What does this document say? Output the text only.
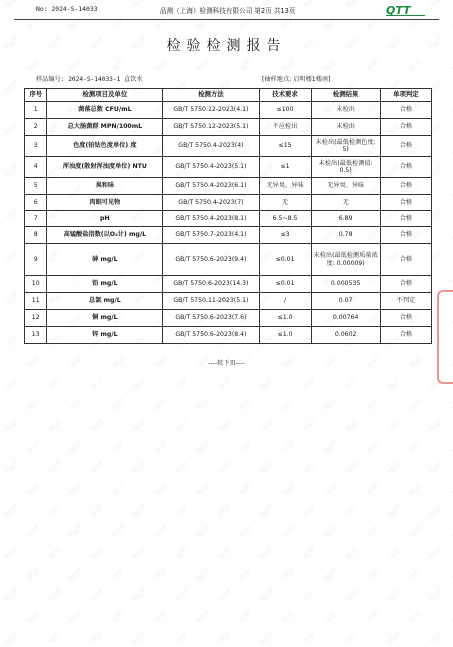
No: 2024-S-14033	品测（上海）检测科技有限公司 第2页 共13页	QTT
检验检测报告
样品编号: 2024-S-14033-1 直饮水	[抽样地点: 启明楼1楼南]
序号	检测项目及单位	检测方法	技术要求	检测结果	单项判定
1	菌落总数 CFU/mL	GB/T 5750.12-2023(4.1)	≤100	未检出	合格
2	总大肠菌群 MPN/100mL	GB/T 5750.12-2023(5.1)	不应检出	未检出	合格
3	色度(铂钴色度单位) 度	GB/T 5750.4-2023(4)	≤15	未检出(最低检测色度: 5)	合格
4	浑浊度(散射浑浊度单位) NTU	GB/T 5750.4-2023(5.1)	≤1	未检出(最低检测值: 0.5)	合格
5	臭和味	GB/T 5750.4-2023(6.1)	无异臭、异味	无异臭、异味	合格
6	肉眼可见物	GB/T 5750.4-2023(7)	无	无	合格
7	pH	GB/T 5750.4-2023(8.1)	6.5~8.5	6.89	合格
8	高锰酸盐指数(以O₂计) mg/L	GB/T 5750.7-2023(4.1)	≤3	0.78	合格
9	砷 mg/L	GB/T 5750.6-2023(9.4)	≤0.01	未检出(最低检测质量浓度: 0.00009)	合格
10	铅 mg/L	GB/T 5750.6-2023(14.3)	≤0.01	0.000535	合格
11	总氯 mg/L	GB/T 5750.11-2023(5.1)	/	0.07	不判定
12	铜 mg/L	GB/T 5750.6-2023(7.6)	≤1.0	0.00764	合格
13	锌 mg/L	GB/T 5750.6-2023(8.4)	≤1.0	0.0602	合格
----转下页----
